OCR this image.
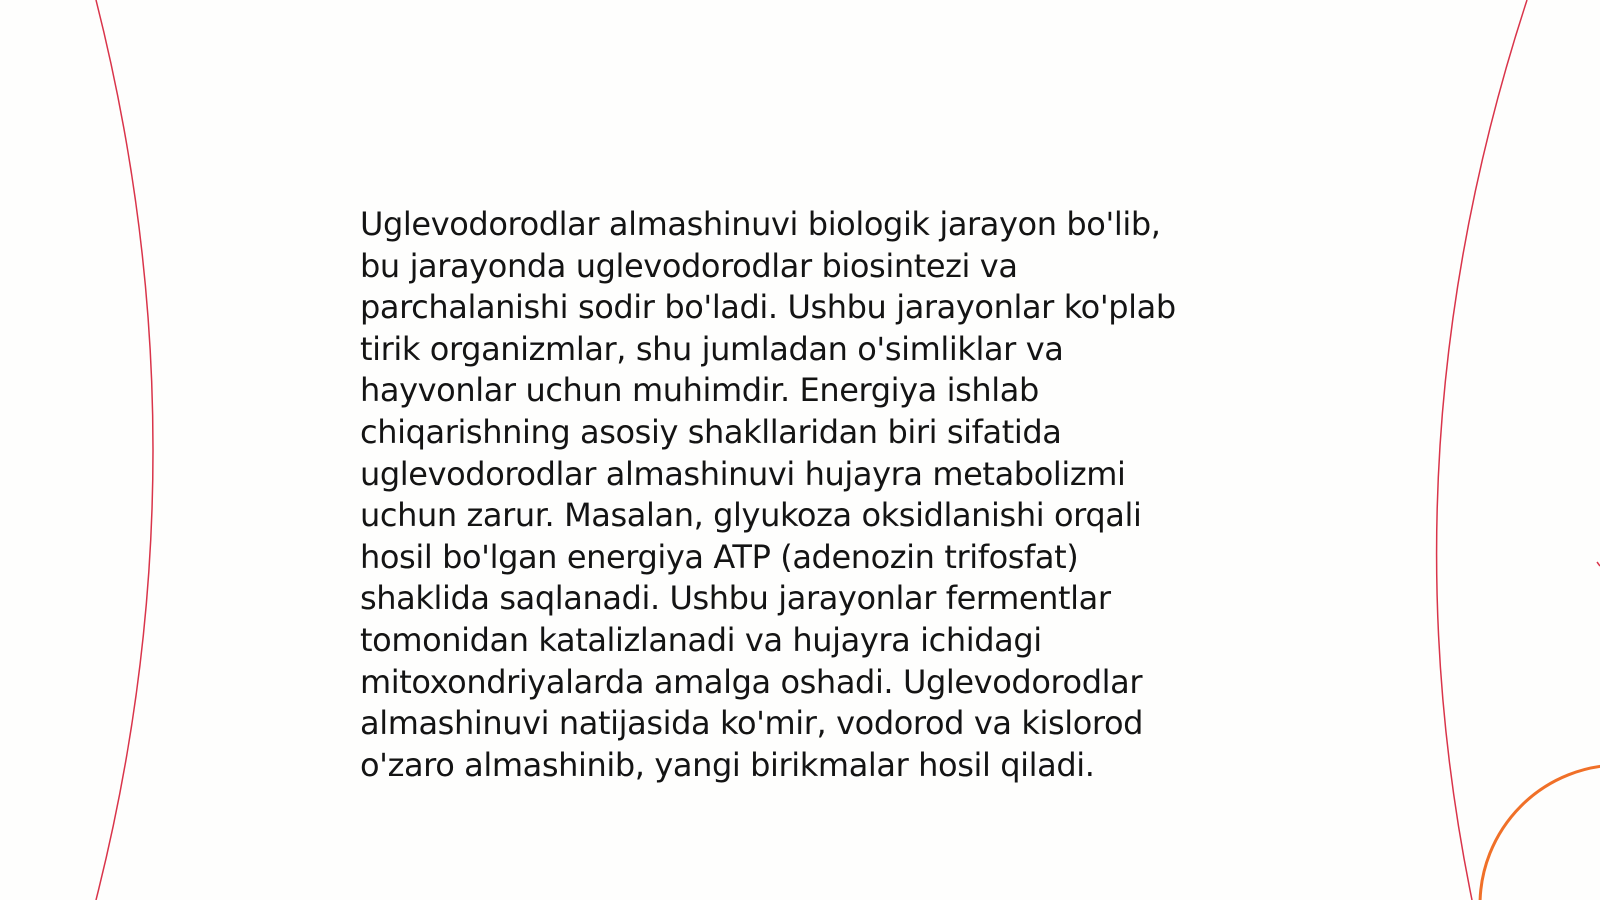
Uglevodorodlar almashinuvi biologik jarayon bo'lib,
bu jarayonda uglevodorodlar biosintezi va
parchalanishi sodir bo'ladi. Ushbu jarayonlar ko'plab
tirik organizmlar, shu jumladan o'simliklar va
hayvonlar uchun muhimdir. Energiya ishlab
chiqarishning asosiy shakllaridan biri sifatida
uglevodorodlar almashinuvi hujayra metabolizmi
uchun zarur. Masalan, glyukoza oksidlanishi orqali
hosil bo'lgan energiya ATP (adenozin trifosfat)
shaklida saqlanadi. Ushbu jarayonlar fermentlar
tomonidan katalizlanadi va hujayra ichidagi
mitoxondriyalarda amalga oshadi. Uglevodorodlar
almashinuvi natijasida ko'mir, vodorod va kislorod
o'zaro almashinib, yangi birikmalar hosil qiladi.
